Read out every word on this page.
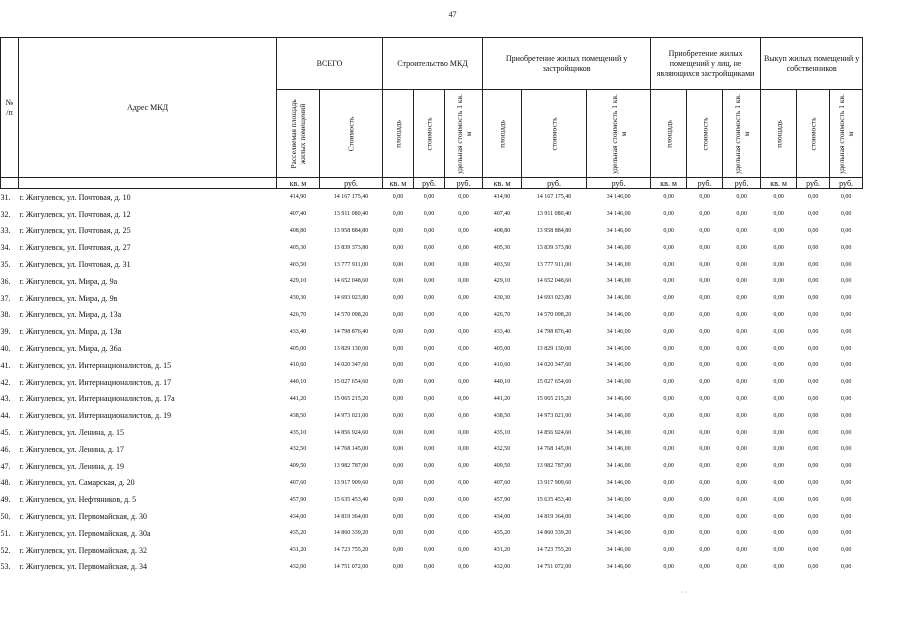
47
№
/п	Адрес МКД	ВСЕГО		Строительство МКД			Приобретение жилых помещений у застройщиков			Приобретение жилых помещений у лиц, не являющихся застройщиками			Выкуп жилых помещений у собственников		

		Расселяемая площадь жилых помещений	Стоимость	площадь	стоимость	удельная стоимость 1 кв. м	площадь	стоимость	удельная стоимость 1 кв. м	площадь	стоимость	удельная стоимость 1 кв. м	площадь	стоимость	удельная стоимость 1 кв. м

		кв. м	руб.	кв. м	руб.	руб.	кв. м	руб.	руб.	кв. м	руб.	руб.	кв. м	руб.	руб.
31.	г. Жигулевск, ул. Почтовая, д. 10	414,90	14 167 175,40	0,00	0,00	0,00	414,90	14 167 175,40	34 146,00	0,00	0,00	0,00	0,00	0,00	0,00
32.	г. Жигулевск, ул. Почтовая, д. 12	407,40	13 911 080,40	0,00	0,00	0,00	407,40	13 911 080,40	34 146,00	0,00	0,00	0,00	0,00	0,00	0,00
33.	г. Жигулевск, ул. Почтовая, д. 25	408,80	13 958 884,80	0,00	0,00	0,00	408,80	13 958 884,80	34 146,00	0,00	0,00	0,00	0,00	0,00	0,00
34.	г. Жигулевск, ул. Почтовая, д. 27	405,30	13 839 373,80	0,00	0,00	0,00	405,30	13 839 373,80	34 146,00	0,00	0,00	0,00	0,00	0,00	0,00
35.	г. Жигулевск, ул. Почтовая, д. 31	403,50	13 777 911,00	0,00	0,00	0,00	403,50	13 777 911,00	34 146,00	0,00	0,00	0,00	0,00	0,00	0,00
36.	г. Жигулевск, ул. Мира, д. 9а	429,10	14 652 048,60	0,00	0,00	0,00	429,10	14 652 048,60	34 146,00	0,00	0,00	0,00	0,00	0,00	0,00
37.	г. Жигулевск, ул. Мира, д. 9в	430,30	14 693 023,80	0,00	0,00	0,00	430,30	14 693 023,80	34 146,00	0,00	0,00	0,00	0,00	0,00	0,00
38.	г. Жигулевск, ул. Мира, д. 13а	426,70	14 570 098,20	0,00	0,00	0,00	426,70	14 570 098,20	34 146,00	0,00	0,00	0,00	0,00	0,00	0,00
39.	г. Жигулевск, ул. Мира, д. 13в	433,40	14 798 876,40	0,00	0,00	0,00	433,40	14 798 876,40	34 146,00	0,00	0,00	0,00	0,00	0,00	0,00
40.	г. Жигулевск, ул. Мира, д. 36а	405,00	13 829 130,00	0,00	0,00	0,00	405,00	13 829 130,00	34 146,00	0,00	0,00	0,00	0,00	0,00	0,00
41.	г. Жигулевск, ул. Интернационалистов, д. 15	410,60	14 020 347,60	0,00	0,00	0,00	410,60	14 020 347,60	34 146,00	0,00	0,00	0,00	0,00	0,00	0,00
42.	г. Жигулевск, ул. Интернационалистов, д. 17	440,10	15 027 654,60	0,00	0,00	0,00	440,10	15 027 654,60	34 146,00	0,00	0,00	0,00	0,00	0,00	0,00
43.	г. Жигулевск, ул. Интернационалистов, д. 17а	441,20	15 065 215,20	0,00	0,00	0,00	441,20	15 065 215,20	34 146,00	0,00	0,00	0,00	0,00	0,00	0,00
44.	г. Жигулевск, ул. Интернационалистов, д. 19	438,50	14 973 021,00	0,00	0,00	0,00	438,50	14 973 021,00	34 146,00	0,00	0,00	0,00	0,00	0,00	0,00
45.	г. Жигулевск, ул. Ленина, д. 15	435,10	14 856 924,60	0,00	0,00	0,00	435,10	14 856 924,60	34 146,00	0,00	0,00	0,00	0,00	0,00	0,00
46.	г. Жигулевск, ул. Ленина, д. 17	432,50	14 768 145,00	0,00	0,00	0,00	432,50	14 768 145,00	34 146,00	0,00	0,00	0,00	0,00	0,00	0,00
47.	г. Жигулевск, ул. Ленина, д. 19	409,50	13 982 787,00	0,00	0,00	0,00	409,50	13 982 787,00	34 146,00	0,00	0,00	0,00	0,00	0,00	0,00
48.	г. Жигулевск, ул. Самарская, д. 20	407,60	13 917 909,60	0,00	0,00	0,00	407,60	13 917 909,60	34 146,00	0,00	0,00	0,00	0,00	0,00	0,00
49.	г. Жигулевск, ул. Нефтяников, д. 5	457,90	15 635 453,40	0,00	0,00	0,00	457,90	15 635 453,40	34 146,00	0,00	0,00	0,00	0,00	0,00	0,00
50.	г. Жигулевск, ул. Первомайская, д. 30	434,00	14 819 364,00	0,00	0,00	0,00	434,00	14 819 364,00	34 146,00	0,00	0,00	0,00	0,00	0,00	0,00
51.	г. Жигулевск, ул. Первомайская, д. 30а	435,20	14 860 339,20	0,00	0,00	0,00	435,20	14 860 339,20	34 146,00	0,00	0,00	0,00	0,00	0,00	0,00
52.	г. Жигулевск, ул. Первомайская, д. 32	431,20	14 723 755,20	0,00	0,00	0,00	431,20	14 723 755,20	34 146,00	0,00	0,00	0,00	0,00	0,00	0,00
53.	г. Жигулевск, ул. Первомайская, д. 34	432,00	14 751 072,00	0,00	0,00	0,00	432,00	14 751 072,00	34 146,00	0,00	0,00	0,00	0,00	0,00	0,00
· ·
